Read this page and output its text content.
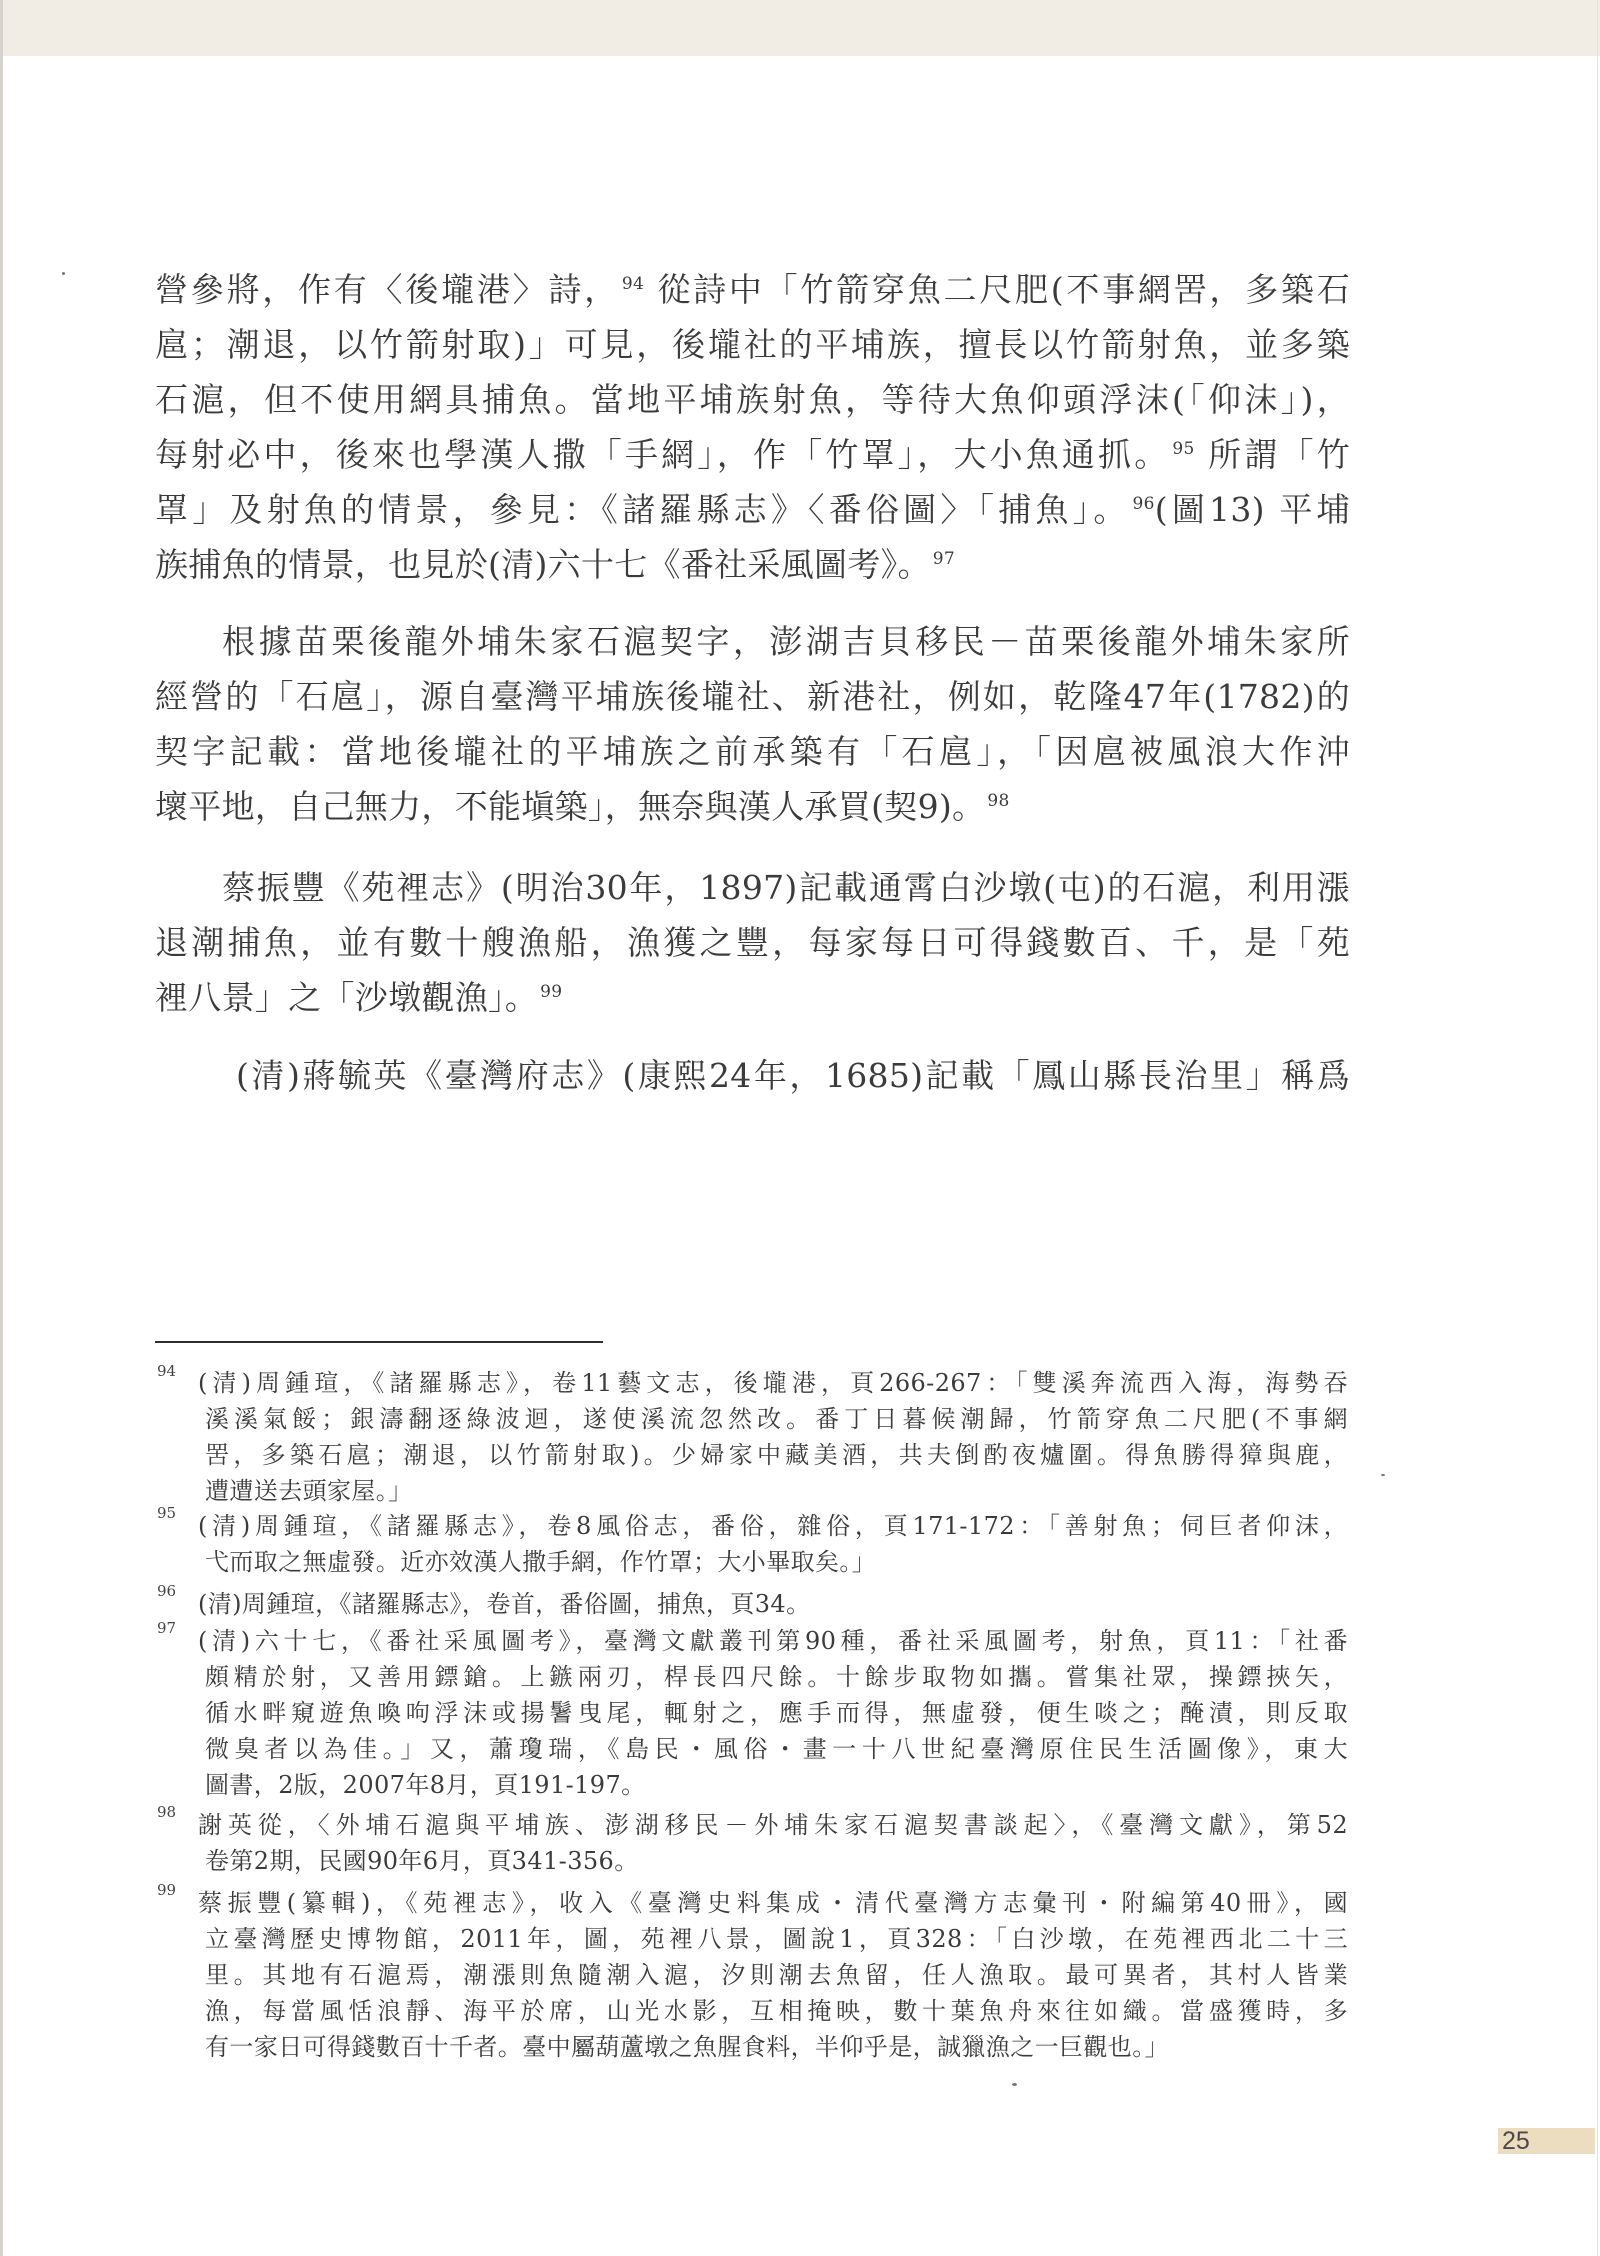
營參將，作有〈後壠港〉詩， $^{94}$ 從詩中「竹箭穿魚二尺肥(不事網罟，多築石
扈；潮退，以竹箭射取)」可見，後壠社的平埔族，擅長以竹箭射魚，並多築
石滬，但不使用網具捕魚。當地平埔族射魚，等待大魚仰頭浮沫(「仰沫」)，
每射必中，後來也學漢人撒「手網」，作「竹罩」，大小魚通抓。 $^{95}$ 所謂「竹
罩」及射魚的情景，參見：《諸羅縣志》〈番俗圖〉「捕魚」。 $^{96}$(圖13) 平埔
族捕魚的情景，也見於(清)六十七《番社采風圖考》。 $^{97}$
根據苗栗後龍外埔朱家石滬契字，澎湖吉貝移民－苗栗後龍外埔朱家所
經營的「石扈」，源自臺灣平埔族後壠社、新港社，例如，乾隆47年(1782)的
契字記載：當地後壠社的平埔族之前承築有「石扈」，「因扈被風浪大作沖
壞平地，自己無力，不能塡築」，無奈與漢人承買(契9)。 $^{98}$
蔡振豐《苑裡志》(明治30年，1897)記載通霄白沙墩(屯)的石滬，利用漲
退潮捕魚，並有數十艘漁船，漁獲之豐，每家每日可得錢數百、千，是「苑
裡八景」之「沙墩觀漁」。 $^{99}$
(清)蔣毓英《臺灣府志》(康熙24年，1685)記載「鳳山縣長治里」稱爲
94 (清)周鍾瑄，《諸羅縣志》，卷11藝文志，後壠港，頁266-267：「雙溪奔流西入海，海勢吞
溪溪氣餒；銀濤翻逐綠波迴，遂使溪流忽然改。番丁日暮候潮歸，竹箭穿魚二尺肥(不事網
罟，多築石扈；潮退，以竹箭射取)。少婦家中藏美酒，共夫倒酌夜爐圍。得魚勝得獐與鹿，
遭遭送去頭家屋。」
95 (清)周鍾瑄，《諸羅縣志》，卷8風俗志，番俗，雜俗，頁171-172：「善射魚；伺巨者仰沫，
弋而取之無虛發。近亦效漢人撒手網，作竹罩；大小畢取矣。」
96 (清)周鍾瑄，《諸羅縣志》，卷首，番俗圖，捕魚，頁34。
97 (清)六十七，《番社采風圖考》，臺灣文獻叢刊第90種，番社采風圖考，射魚，頁11：「社番
頗精於射，又善用鏢鎗。上鏃兩刃，桿長四尺餘。十餘步取物如攜。嘗集社眾，操鏢挾矢，
循水畔窺遊魚喚呴浮沫或揚鬐曳尾，輒射之，應手而得，無虛發，便生啖之；醃漬，則反取
微臭者以為佳。」又，蕭瓊瑞，《島民・風俗・畫一十八世紀臺灣原住民生活圖像》，東大
圖書，2版，2007年8月，頁191-197。
98 謝英從，〈外埔石滬與平埔族、澎湖移民－外埔朱家石滬契書談起〉，《臺灣文獻》，第52
卷第2期，民國90年6月，頁341-356。
99 蔡振豐(纂輯)，《苑裡志》，收入《臺灣史料集成・清代臺灣方志彙刊・附編第40冊》，國
立臺灣歷史博物館，2011年，圖，苑裡八景，圖說1，頁328：「白沙墩，在苑裡西北二十三
里。其地有石滬焉，潮漲則魚隨潮入滬，汐則潮去魚留，任人漁取。最可異者，其村人皆業
漁，每當風恬浪靜、海平於席，山光水影，互相掩映，數十葉魚舟來往如織。當盛獲時，多
有一家日可得錢數百十千者。臺中屬葫蘆墩之魚腥食料，半仰乎是，誠獵漁之一巨觀也。」
25
